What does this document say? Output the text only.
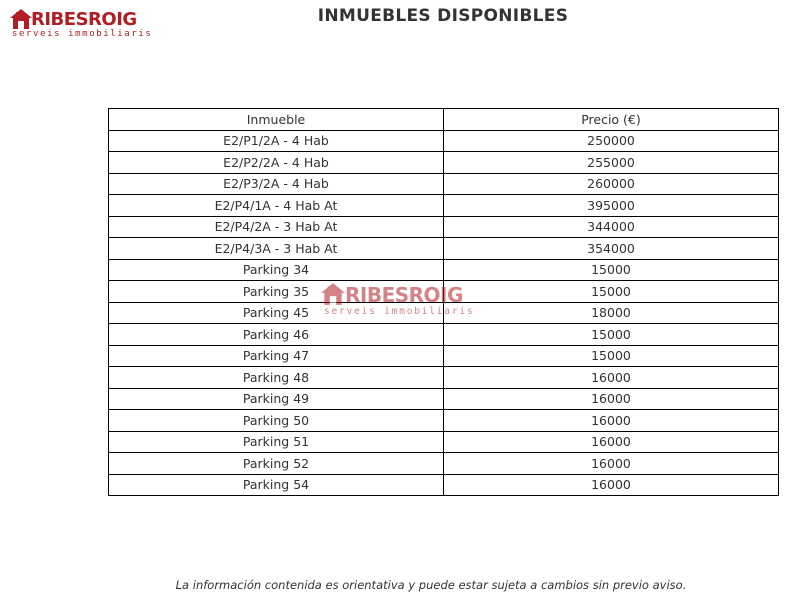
RIBESROIG
serveis immobiliaris
INMUEBLES DISPONIBLES
Inmueble	Precio (€)
E2/P1/2A - 4 Hab	250000
E2/P2/2A - 4 Hab	255000
E2/P3/2A - 4 Hab	260000
E2/P4/1A - 4 Hab At	395000
E2/P4/2A - 3 Hab At	344000
E2/P4/3A - 3 Hab At	354000
Parking 34	15000
Parking 35	15000
Parking 45	18000
Parking 46	15000
Parking 47	15000
Parking 48	16000
Parking 49	16000
Parking 50	16000
Parking 51	16000
Parking 52	16000
Parking 54	16000
RIBESROIG
serveis immobiliaris
La información contenida es orientativa y puede estar sujeta a cambios sin previo aviso.
